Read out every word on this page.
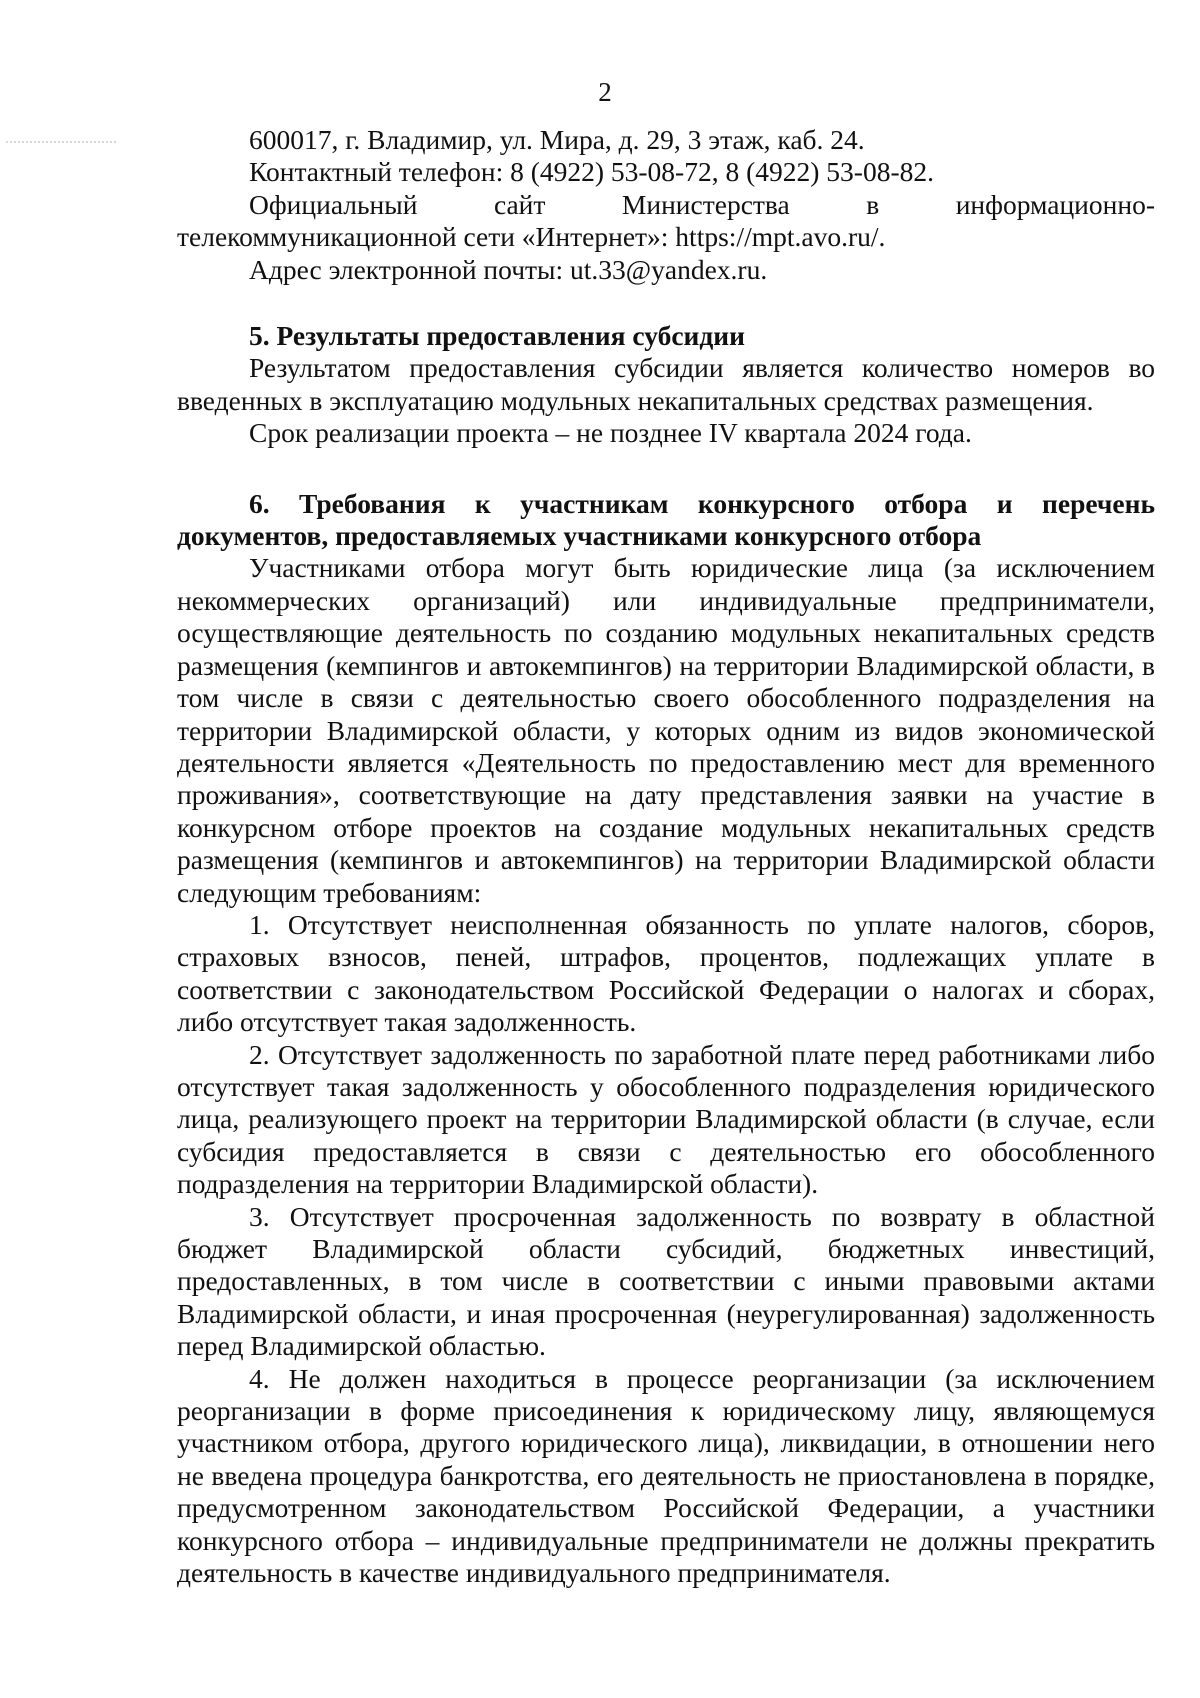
2

600017, г. Владимир, ул. Мира, д. 29, 3 этаж, каб. 24.

Контактный телефон: 8 (4922) 53-08-72, 8 (4922) 53-08-82.

Официальный сайт Министерства в информационно-телекоммуникационной сети «Интернет»: https://mpt.avo.ru/.

Адрес электронной почты: ut.33@yandex.ru.

5. Результаты предоставления субсидии

Результатом предоставления субсидии является количество номеров во введенных в эксплуатацию модульных некапитальных средствах размещения.

Срок реализации проекта – не позднее IV квартала 2024 года.

6. Требования к участникам конкурсного отбора и перечень документов, предоставляемых участниками конкурсного отбора

Участниками отбора могут быть юридические лица (за исключением некоммерческих организаций) или индивидуальные предприниматели, осуществляющие деятельность по созданию модульных некапитальных средств размещения (кемпингов и автокемпингов) на территории Владимирской области, в том числе в связи с деятельностью своего обособленного подразделения на территории Владимирской области, у которых одним из видов экономической деятельности является «Деятельность по предоставлению мест для временного проживания», соответствующие на дату представления заявки на участие в конкурсном отборе проектов на создание модульных некапитальных средств размещения (кемпингов и автокемпингов) на территории Владимирской области следующим требованиям:

1. Отсутствует неисполненная обязанность по уплате налогов, сборов, страховых взносов, пеней, штрафов, процентов, подлежащих уплате в соответствии с законодательством Российской Федерации о налогах и сборах, либо отсутствует такая задолженность.

2. Отсутствует задолженность по заработной плате перед работниками либо отсутствует такая задолженность у обособленного подразделения юридического лица, реализующего проект на территории Владимирской области (в случае, если субсидия предоставляется в связи с деятельностью его обособленного подразделения на территории Владимирской области).

3. Отсутствует просроченная задолженность по возврату в областной бюджет Владимирской области субсидий, бюджетных инвестиций, предоставленных, в том числе в соответствии с иными правовыми актами Владимирской области, и иная просроченная (неурегулированная) задолженность перед Владимирской областью.

4. Не должен находиться в процессе реорганизации (за исключением реорганизации в форме присоединения к юридическому лицу, являющемуся участником отбора, другого юридического лица), ликвидации, в отношении него не введена процедура банкротства, его деятельность не приостановлена в порядке, предусмотренном законодательством Российской Федерации, а участники конкурсного отбора – индивидуальные предприниматели не должны прекратить деятельность в качестве индивидуального предпринимателя.
